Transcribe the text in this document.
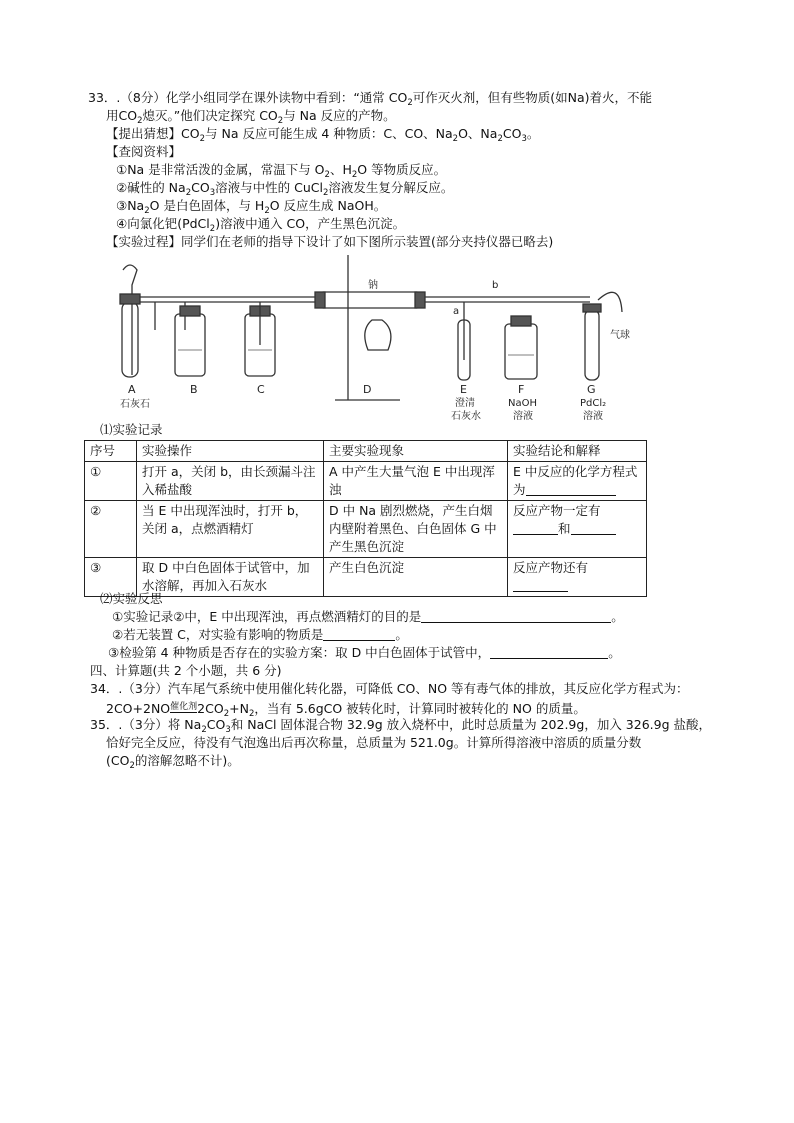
33．.（8分）化学小组同学在课外读物中看到：“通常 $CO_2$可作灭火剂，但有些物质(如Na)着火，不能
用$CO_2$熄灭。”他们决定探究 $CO_2$与 Na 反应的产物。
【提出猜想】$CO_2$与 Na 反应可能生成 4 种物质：C、CO、$Na_2O$、$Na_2CO_3$。
【查阅资料】
①Na 是非常活泼的金属，常温下与 $O_2$、$H_2O$ 等物质反应。
②碱性的 $Na_2CO_3$溶液与中性的 CuCl$_2$溶液发生复分解反应。
$③Na_2O$ 是白色固体，与 $H_2O$ 反应生成 NaOH。
④向氯化钯(PdCl$_2$)溶液中通入 CO，产生黑色沉淀。
【实验过程】同学们在老师的指导下设计了如下图所示装置(部分夹持仪器已略去)
A
石灰石
B	C	D	E
澄清
石灰水
F
NaOH
溶液
G
PdCl₂
溶液
钠
a
b
气球
⑴实验记录
序号	实验操作	主要实验现象	实验结论和解释
①	打开 a，关闭 b，由长颈漏斗注入稀盐酸	A 中产生大量气泡 E 中出现浑浊	E 中反应的化学方程式为
②	当 E 中出现浑浊时，打开 b，关闭 a，点燃酒精灯	D 中 Na 剧烈燃烧，产生白烟内壁附着黑色、白色固体 G 中产生黑色沉淀	反应产物一定有
和
③	取 D 中白色固体于试管中，加水溶解，再加入石灰水	产生白色沉淀	反应产物还有

⑵实验反思
①实验记录②中，E 中出现浑浊，再点燃酒精灯的目的是	。
②若无装置 C，对实验有影响的物质是	。
③检验第 4 种物质是否存在的实验方案：取 D 中白色固体于试管中，	。
四、计算题(共 2 个小题，共 6 分)
34．.（3分）汽车尾气系统中使用催化转化器，可降低 CO、NO 等有毒气体的排放，其反应化学方程式为：
$2CO+2NO^{催化剂}2CO_2+N_2$，当有 5.6gCO 被转化时，计算同时被转化的 NO 的质量。
35．.（3分）将 $Na_2CO_3$和 NaCl 固体混合物 32.9g 放入烧杯中，此时总质量为 202.9g，加入 326.9g 盐酸，
恰好完全反应，待没有气泡逸出后再次称量，总质量为 521.0g。计算所得溶液中溶质的质量分数
($CO_2$的溶解忽略不计)。
